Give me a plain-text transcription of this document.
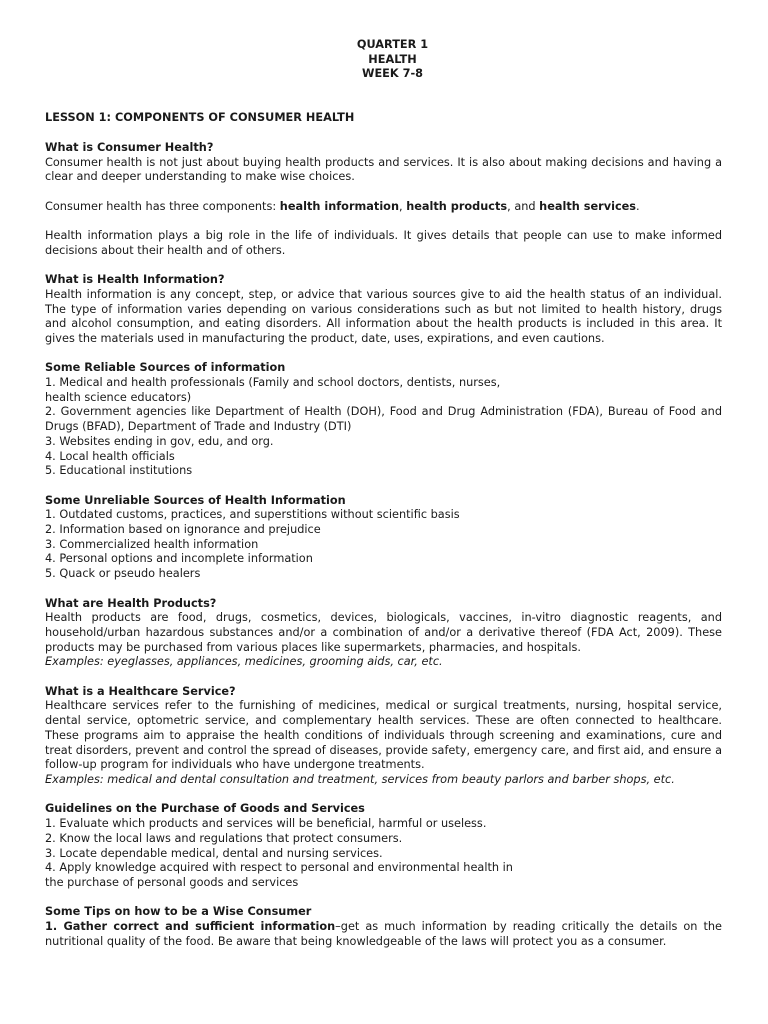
QUARTER 1

HEALTH

WEEK 7-8

LESSON 1: COMPONENTS OF CONSUMER HEALTH

What is Consumer Health?

Consumer health is not just about buying health products and services. It is also about making decisions and having a clear and deeper understanding to make wise choices.

Consumer health has three components: health information, health products, and health services.

Health information plays a big role in the life of individuals. It gives details that people can use to make informed decisions about their health and of others.

What is Health Information?

Health information is any concept, step, or advice that various sources give to aid the health status of an individual. The type of information varies depending on various considerations such as but not limited to health history, drugs and alcohol consumption, and eating disorders. All information about the health products is included in this area. It gives the materials used in manufacturing the product, date, uses, expirations, and even cautions.

Some Reliable Sources of information

1. Medical and health professionals (Family and school doctors, dentists, nurses,

health science educators)

2. Government agencies like Department of Health (DOH), Food and Drug Administration (FDA), Bureau of Food and Drugs (BFAD), Department of Trade and Industry (DTI)

3. Websites ending in gov, edu, and org.

4. Local health officials

5. Educational institutions

Some Unreliable Sources of Health Information

1. Outdated customs, practices, and superstitions without scientific basis

2. Information based on ignorance and prejudice

3. Commercialized health information

4. Personal options and incomplete information

5. Quack or pseudo healers

What are Health Products?

Health products are food, drugs, cosmetics, devices, biologicals, vaccines, in-vitro diagnostic reagents, and household/urban hazardous substances and/or a combination of and/or a derivative thereof (FDA Act, 2009). These products may be purchased from various places like supermarkets, pharmacies, and hospitals.

Examples: eyeglasses, appliances, medicines, grooming aids, car, etc.

What is a Healthcare Service?

Healthcare services refer to the furnishing of medicines, medical or surgical treatments, nursing, hospital service, dental service, optometric service, and complementary health services. These are often connected to healthcare. These programs aim to appraise the health conditions of individuals through screening and examinations, cure and treat disorders, prevent and control the spread of diseases, provide safety, emergency care, and first aid, and ensure a follow-up program for individuals who have undergone treatments.

Examples: medical and dental consultation and treatment, services from beauty parlors and barber shops, etc.

Guidelines on the Purchase of Goods and Services

1. Evaluate which products and services will be beneficial, harmful or useless.

2. Know the local laws and regulations that protect consumers.

3. Locate dependable medical, dental and nursing services.

4. Apply knowledge acquired with respect to personal and environmental health in

the purchase of personal goods and services

Some Tips on how to be a Wise Consumer

1. Gather correct and sufficient information–get as much information by reading critically the details on the nutritional quality of the food. Be aware that being knowledgeable of the laws will protect you as a consumer.
